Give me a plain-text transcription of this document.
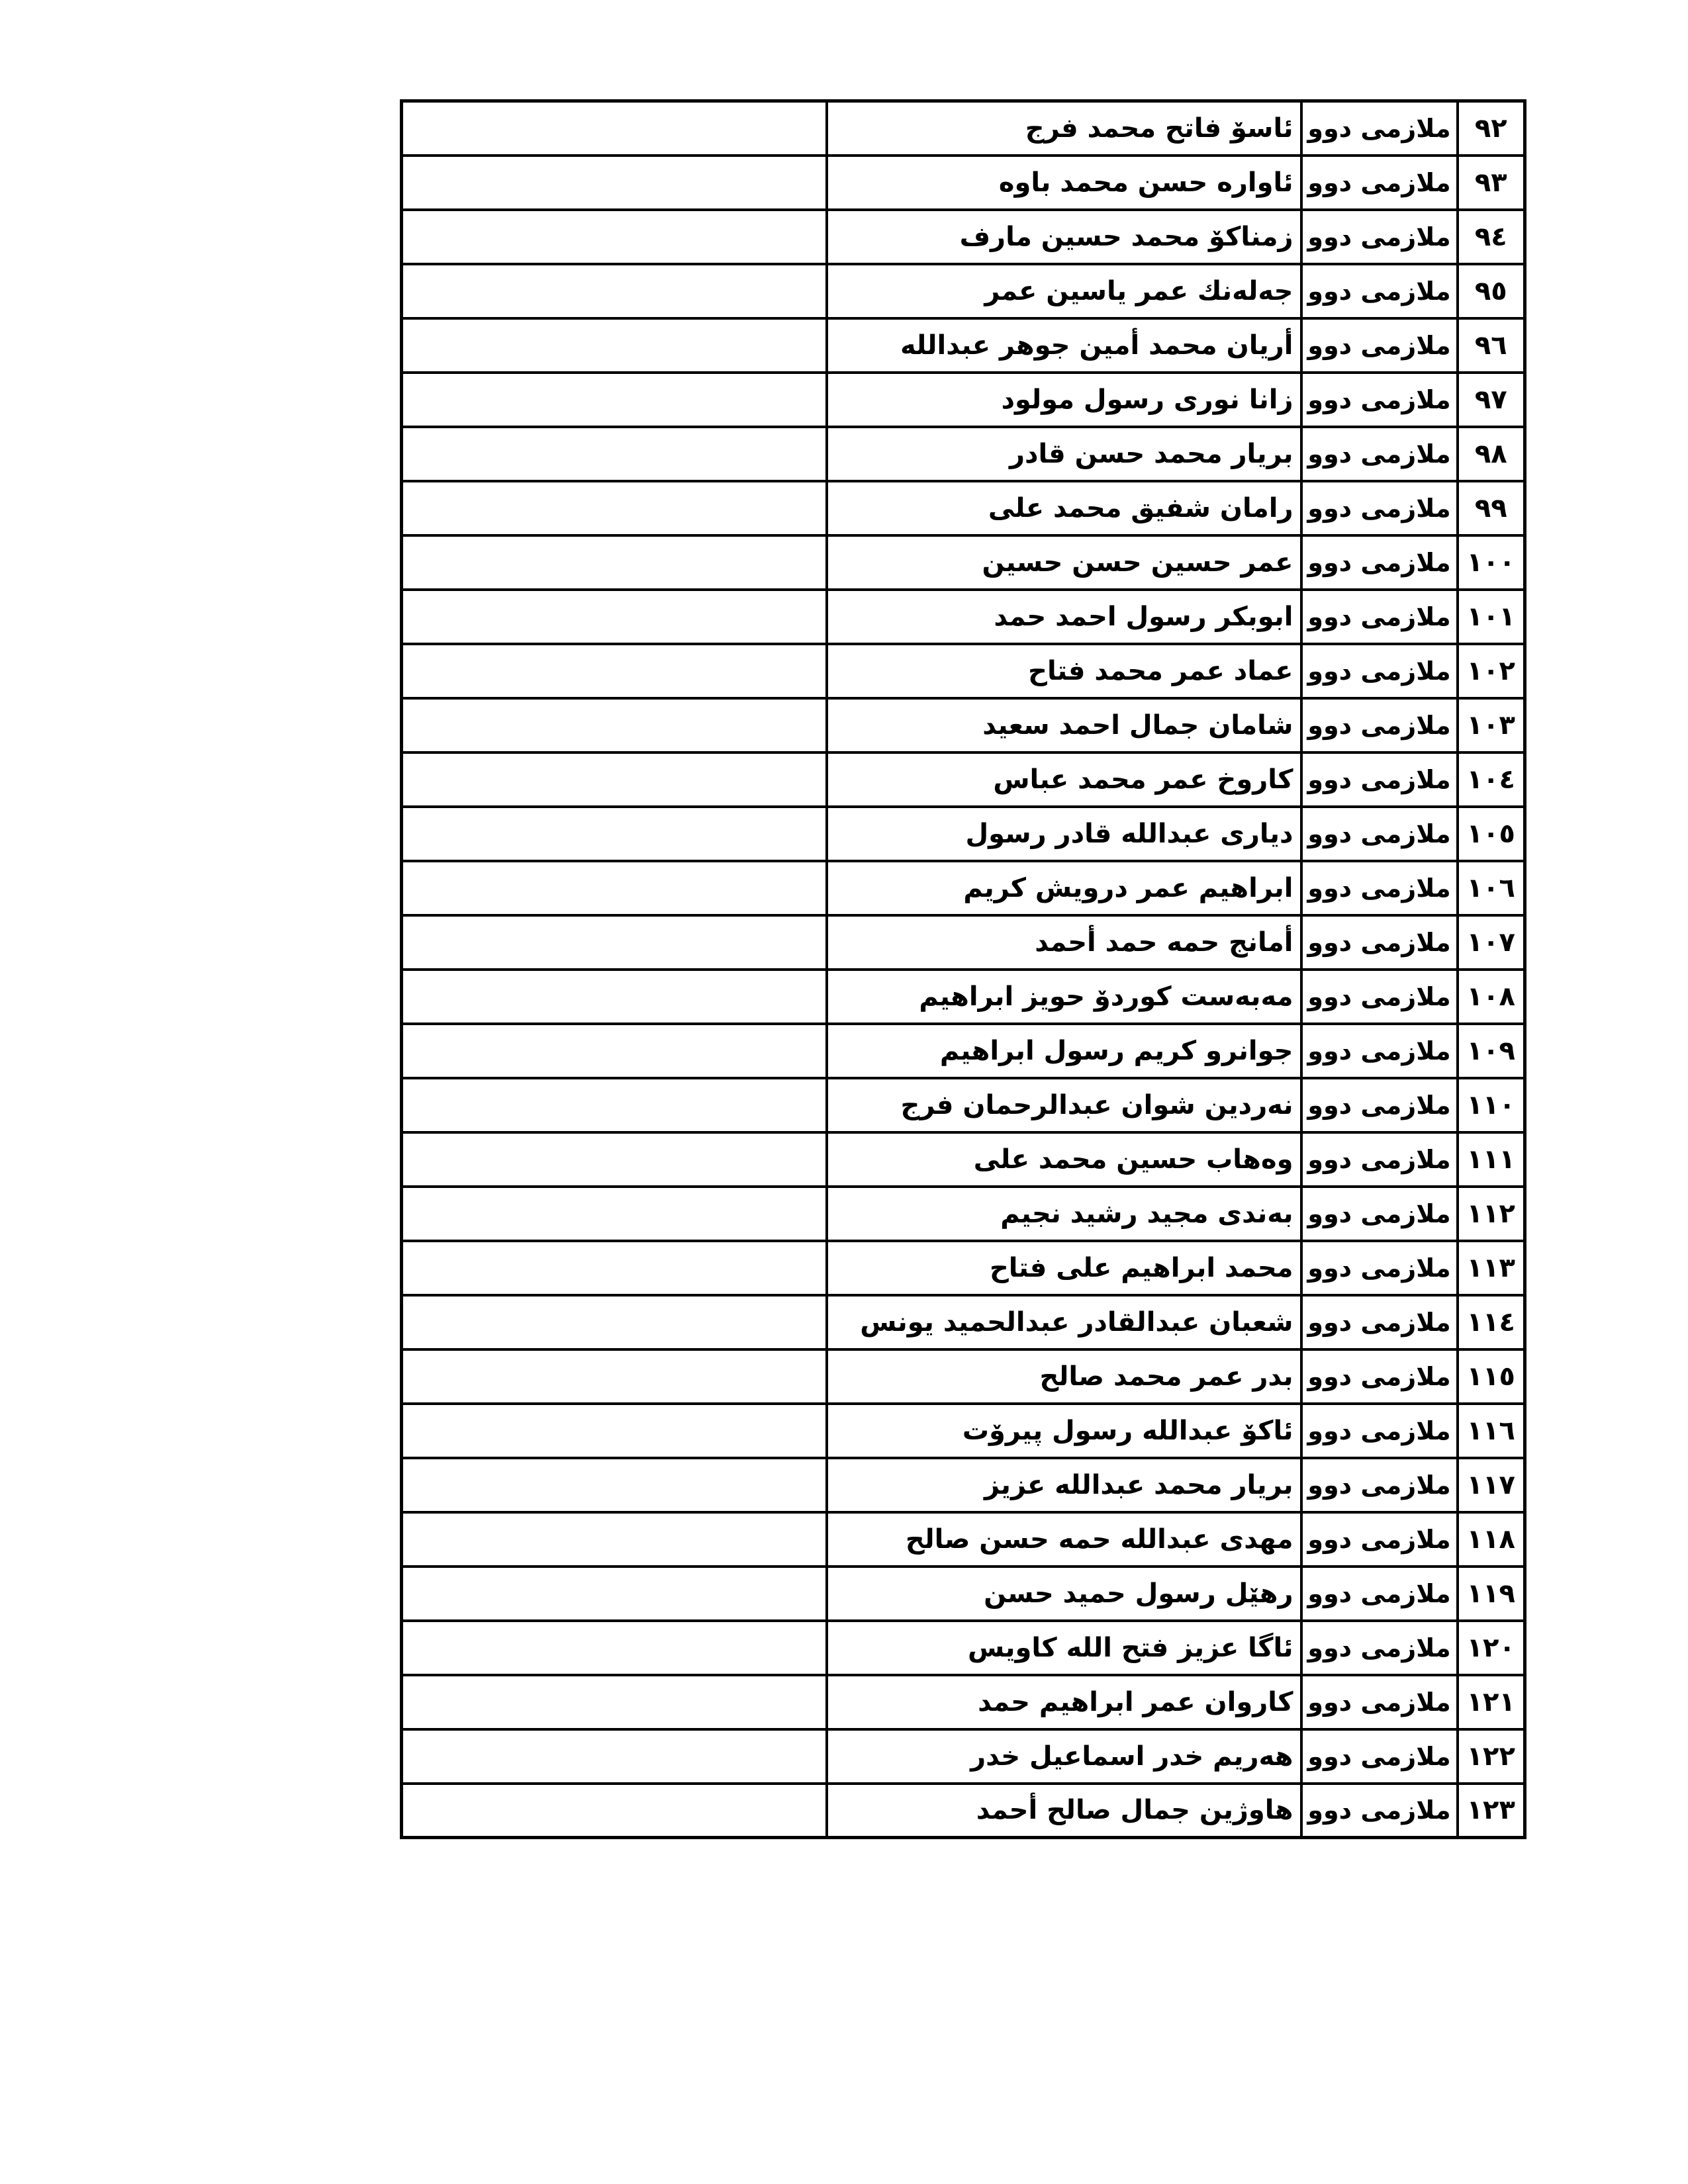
٩٢	ملازمی دوو	ئاسۆ فاتح محمد فرج	
٩٣	ملازمی دوو	ئاواره حسن محمد باوه	
٩٤	ملازمی دوو	زمناكۆ محمد حسین مارف	
٩٥	ملازمی دوو	جەلەنك عمر یاسین عمر	
٩٦	ملازمی دوو	أریان محمد أمین جوهر عبدالله	
٩٧	ملازمی دوو	زانا نوری رسول مولود	
٩٨	ملازمی دوو	بریار محمد حسن قادر	
٩٩	ملازمی دوو	رامان شفیق محمد علی	
١٠٠	ملازمی دوو	عمر حسین حسن حسین	
١٠١	ملازمی دوو	ابوبكر رسول احمد حمد	
١٠٢	ملازمی دوو	عماد عمر محمد فتاح	
١٠٣	ملازمی دوو	شامان جمال احمد سعید	
١٠٤	ملازمی دوو	كاروخ عمر محمد عباس	
١٠٥	ملازمی دوو	دیاری عبدالله قادر رسول	
١٠٦	ملازمی دوو	ابراهیم عمر درویش كریم	
١٠٧	ملازمی دوو	أمانج حمه حمد أحمد	
١٠٨	ملازمی دوو	مەبەست كوردۆ حویز ابراهیم	
١٠٩	ملازمی دوو	جوانرو كریم رسول ابراهیم	
١١٠	ملازمی دوو	نەردین شوان عبدالرحمان فرج	
١١١	ملازمی دوو	وەهاب حسین محمد علی	
١١٢	ملازمی دوو	بەندی مجید رشید نجیم	
١١٣	ملازمی دوو	محمد ابراهیم علی فتاح	
١١٤	ملازمی دوو	شعبان عبدالقادر عبدالحمید یونس	
١١٥	ملازمی دوو	بدر عمر محمد صالح	
١١٦	ملازمی دوو	ئاكۆ عبدالله رسول پیرۆت	
١١٧	ملازمی دوو	بریار محمد عبدالله عزیز	
١١٨	ملازمی دوو	مهدی عبدالله حمه حسن صالح	
١١٩	ملازمی دوو	رهێل رسول حمید حسن	
١٢٠	ملازمی دوو	ئاگا عزیز فتح الله كاویس	
١٢١	ملازمی دوو	كاروان عمر ابراهیم حمد	
١٢٢	ملازمی دوو	هەریم خدر اسماعیل خدر	
١٢٣	ملازمی دوو	هاوژین جمال صالح أحمد	
